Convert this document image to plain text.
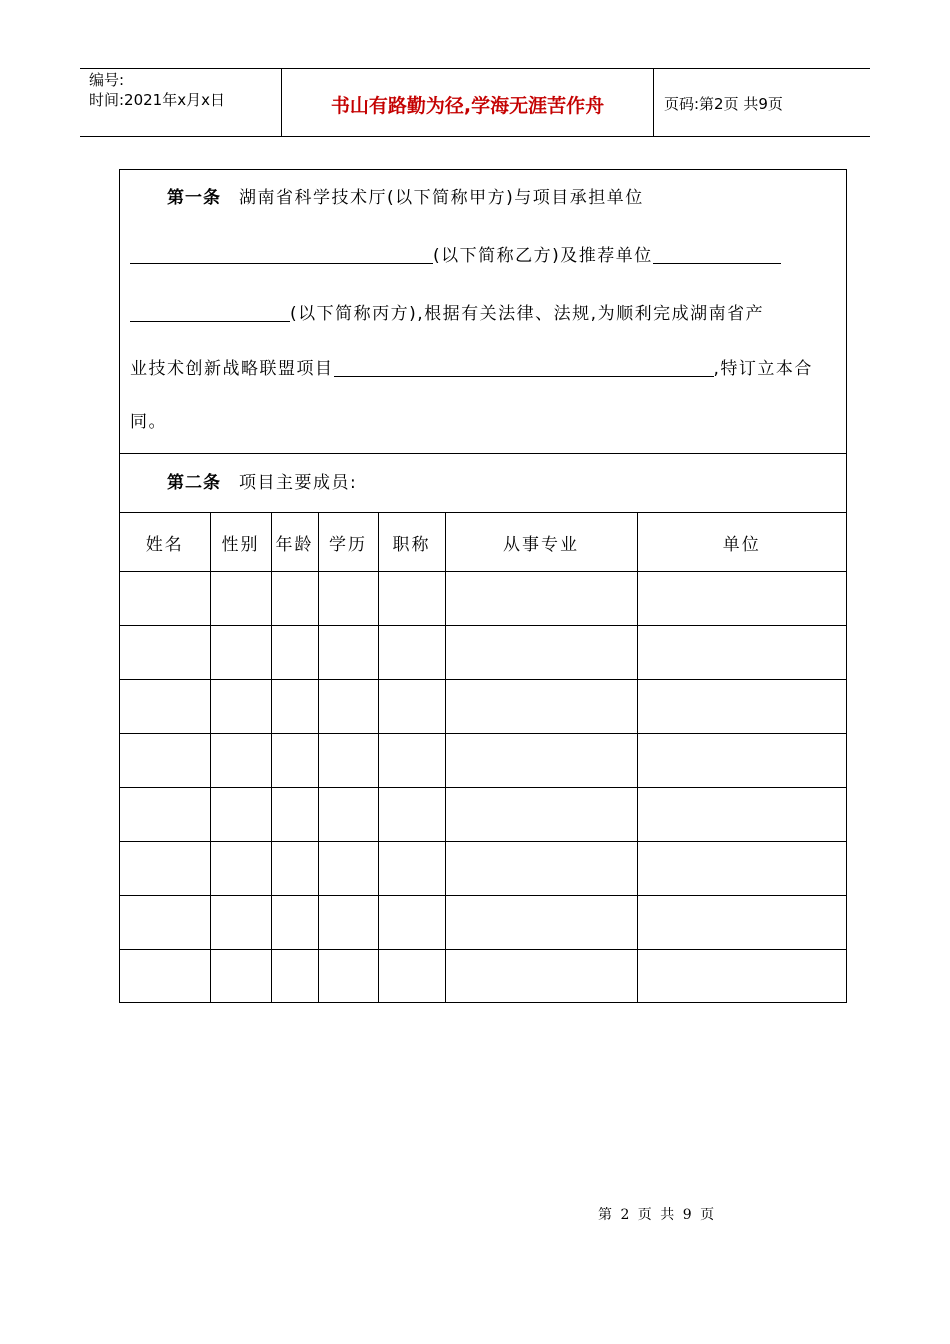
编号:
时间:2021年x月x日	书山有路勤为径,学海无涯苦作舟	页码:第2页 共9页
第一条 湖南省科学技术厅(以下简称甲方)与项目承担单位
(以下简称乙方)及推荐单位
(以下简称丙方),根据有关法律、法规,为顺利完成湖南省产
业技术创新战略联盟项目	,特订立本合
同。
第二条 项目主要成员:
姓名	性别	年龄	学历	职称	从事专业	单位

第 2 页 共 9 页
